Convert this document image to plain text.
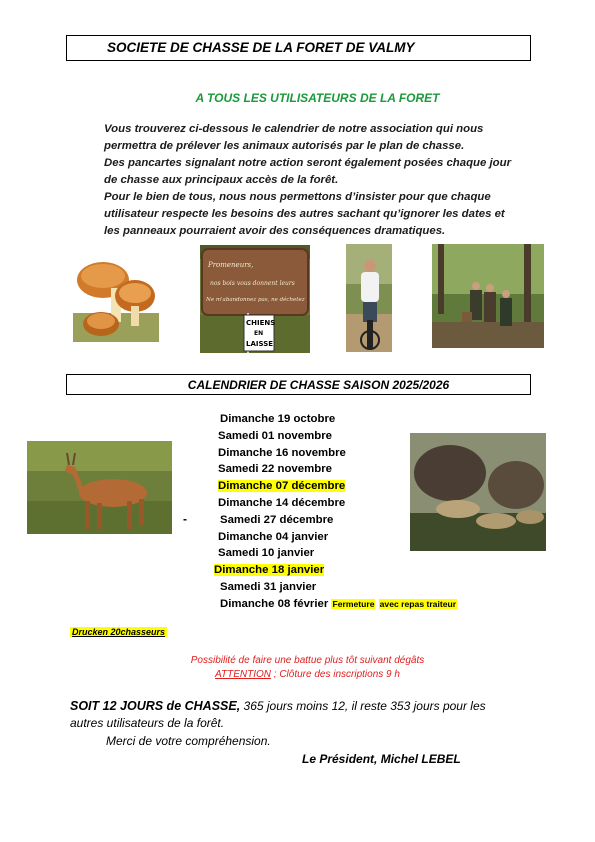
SOCIETE DE CHASSE DE LA FORET DE VALMY
A TOUS LES UTILISATEURS DE LA FORET

Vous trouverez ci-dessous le calendrier de notre association qui nous permettra de prélever les animaux autorisés par le plan de chasse.

Des pancartes signalant notre action seront également posées chaque jour de chasse aux principaux accès de la forêt.

Pour le bien de tous, nous nous permettons d’insister pour que chaque utilisateur respecte les besoins des autres sachant qu’ignorer les dates et les panneaux pourraient avoir des conséquences dramatiques.

Promeneurs,
nos bois vous donnent leurs
Ne m'abandonnez pas, ne déchetez
CHIENS
EN
LAISSE
CALENDRIER DE CHASSE SAISON 2025/2026
-
Dimanche 19 octobre
Samedi 01 novembre
Dimanche 16 novembre
Samedi 22 novembre
Dimanche 07 décembre
Dimanche 14 décembre
Samedi 27 décembre
Dimanche 04 janvier
Samedi 10 janvier
Dimanche 18 janvier
Samedi 31 janvier
Dimanche 08 février Fermeture avec repas traiteur
Drucken 20chasseurs
Possibilité de faire une battue plus tôt suivant dégâts
ATTENTION ; Clôture des inscriptions 9 h
SOIT 12 JOURS de CHASSE, 365 jours moins 12, il reste 353 jours pour les autres utilisateurs de la forêt.
Merci de votre compréhension.
Le Président, Michel LEBEL
